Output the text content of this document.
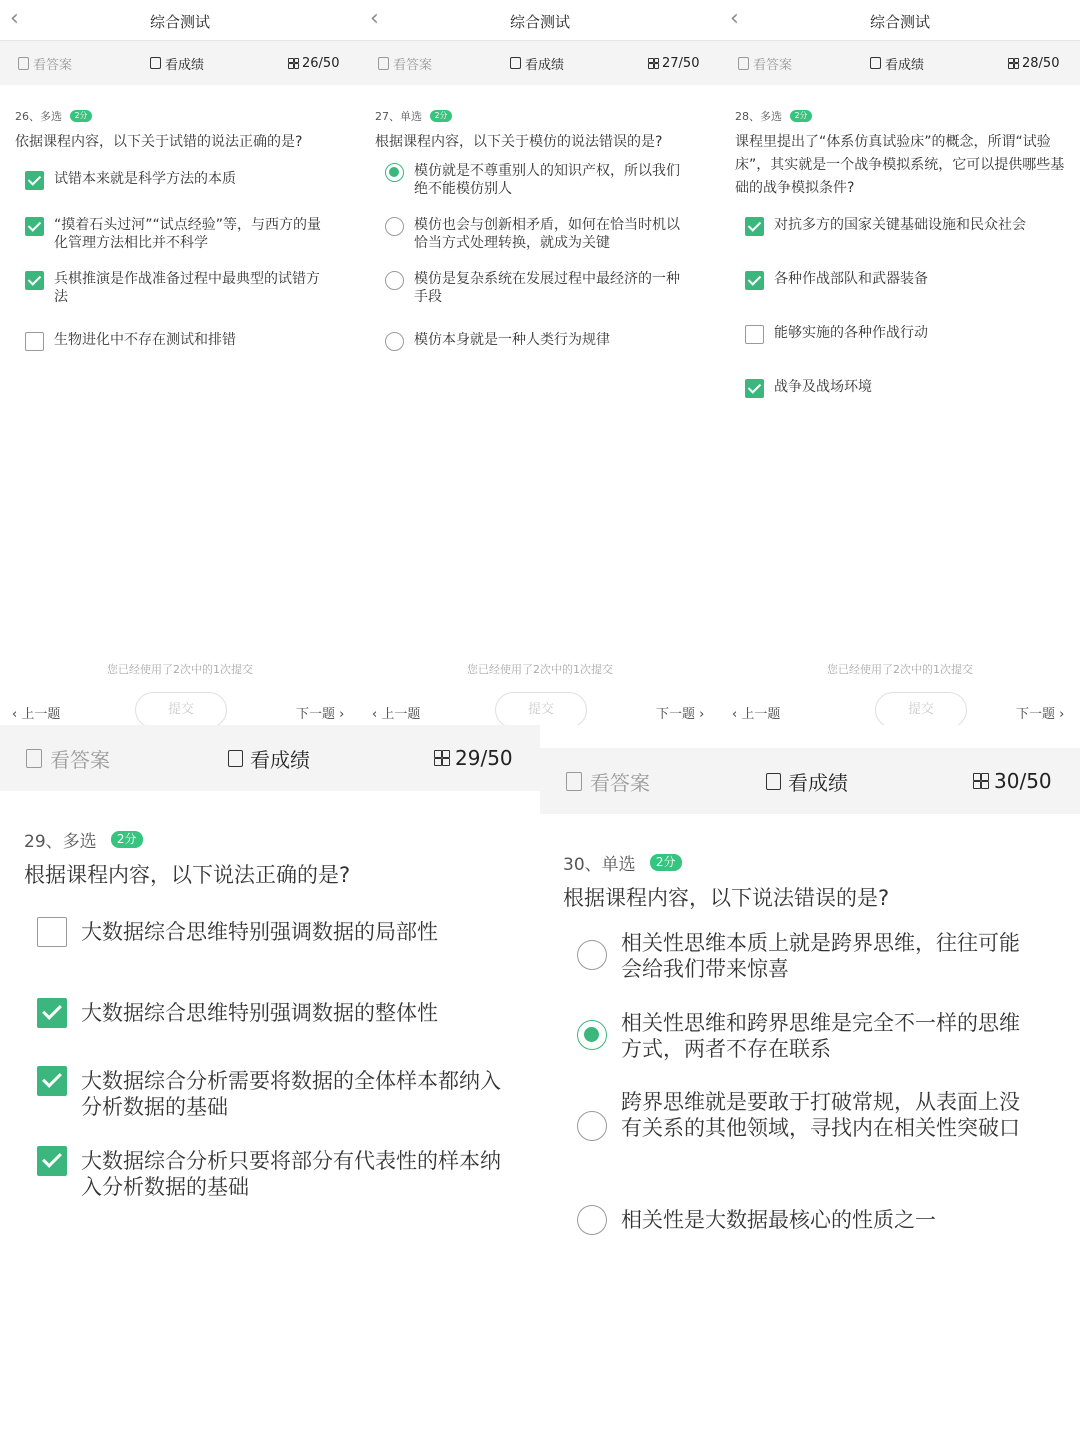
‹	综合测试
看答案	看成绩	26/50
26、多选	2分
依据课程内容，以下关于试错的说法正确的是?
试错本来就是科学方法的本质
“摸着石头过河”“试点经验”等，与西方的量化管理方法相比并不科学
兵棋推演是作战准备过程中最典型的试错方法
生物进化中不存在测试和排错
您已经使用了2次中的1次提交
‹ 上一题	提交	下一题 ›
‹	综合测试
看答案	看成绩	27/50
27、单选	2分
根据课程内容，以下关于模仿的说法错误的是?
模仿就是不尊重别人的知识产权，所以我们绝不能模仿别人
模仿也会与创新相矛盾，如何在恰当时机以恰当方式处理转换，就成为关键
模仿是复杂系统在发展过程中最经济的一种手段
模仿本身就是一种人类行为规律
您已经使用了2次中的1次提交
‹ 上一题	提交	下一题 ›
‹	综合测试
看答案	看成绩	28/50
28、多选	2分
课程里提出了“体系仿真试验床”的概念，所谓“试验床”，其实就是一个战争模拟系统，它可以提供哪些基础的战争模拟条件?
对抗多方的国家关键基础设施和民众社会
各种作战部队和武器装备
能够实施的各种作战行动
战争及战场环境
您已经使用了2次中的1次提交
‹ 上一题	提交	下一题 ›
看答案	看成绩	29/50
29、多选	2分
根据课程内容，以下说法正确的是?
大数据综合思维特别强调数据的局部性
大数据综合思维特别强调数据的整体性
大数据综合分析需要将数据的全体样本都纳入分析数据的基础
大数据综合分析只要将部分有代表性的样本纳入分析数据的基础
看答案	看成绩	30/50
30、单选	2分
根据课程内容，以下说法错误的是?
相关性思维本质上就是跨界思维，往往可能会给我们带来惊喜
相关性思维和跨界思维是完全不一样的思维方式，两者不存在联系
跨界思维就是要敢于打破常规，从表面上没有关系的其他领域，寻找内在相关性突破口
相关性是大数据最核心的性质之一
